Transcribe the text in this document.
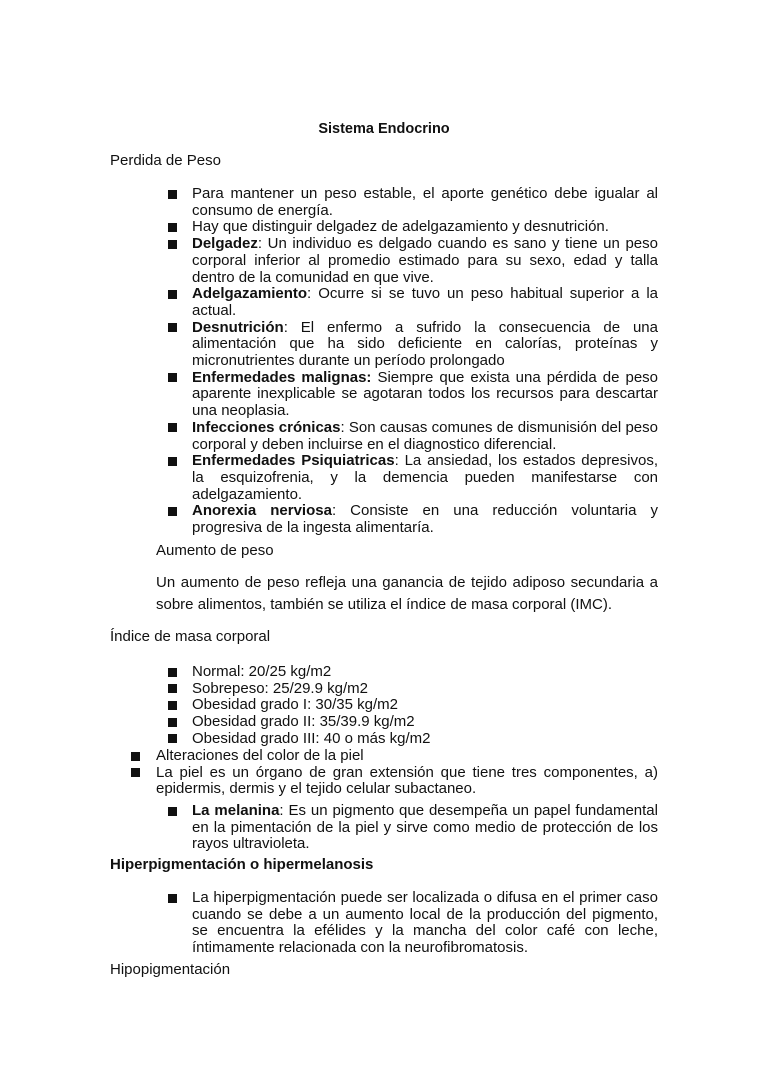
Sistema Endocrino
Perdida de Peso
Para mantener un peso estable, el aporte genético debe igualar al consumo de energía.
Hay que distinguir delgadez de adelgazamiento y desnutrición.
Delgadez: Un individuo es delgado cuando es sano y tiene un peso corporal inferior al promedio estimado para su sexo, edad y talla dentro de la comunidad en que vive.
Adelgazamiento: Ocurre si se tuvo un peso habitual superior a la actual.
Desnutrición: El enfermo a sufrido la consecuencia de una alimentación que ha sido deficiente en calorías, proteínas y micronutrientes durante un período prolongado
Enfermedades malignas: Siempre que exista una pérdida de peso aparente inexplicable se agotaran todos los recursos para descartar una neoplasia.
Infecciones crónicas: Son causas comunes de dismunisión del peso corporal y deben incluirse en el diagnostico diferencial.
Enfermedades Psiquiatricas: La ansiedad, los estados depresivos, la esquizofrenia, y la demencia pueden manifestarse con adelgazamiento.
Anorexia nerviosa: Consiste en una reducción voluntaria y progresiva de la ingesta alimentaría.

Aumento de peso

Un aumento de peso refleja una ganancia de tejido adiposo secundaria a sobre alimentos, también se utiliza el índice de masa corporal (IMC).

Índice de masa corporal
Normal: 20/25 kg/m2
Sobrepeso: 25/29.9 kg/m2
Obesidad grado I: 30/35 kg/m2
Obesidad grado II: 35/39.9 kg/m2
Obesidad grado III: 40 o más kg/m2
Alteraciones del color de la piel
La piel es un órgano de gran extensión que tiene tres componentes, a) epidermis, dermis y el tejido celular subactaneo.
La melanina: Es un pigmento que desempeña un papel fundamental en la pimentación de la piel y sirve como medio de protección de los rayos ultravioleta.
Hiperpigmentación o hipermelanosis
La hiperpigmentación puede ser localizada o difusa en el primer caso cuando se debe a un aumento local de la producción del pigmento, se encuentra la efélides y la mancha del color café con leche, íntimamente relacionada con la neurofibromatosis.
Hipopigmentación
